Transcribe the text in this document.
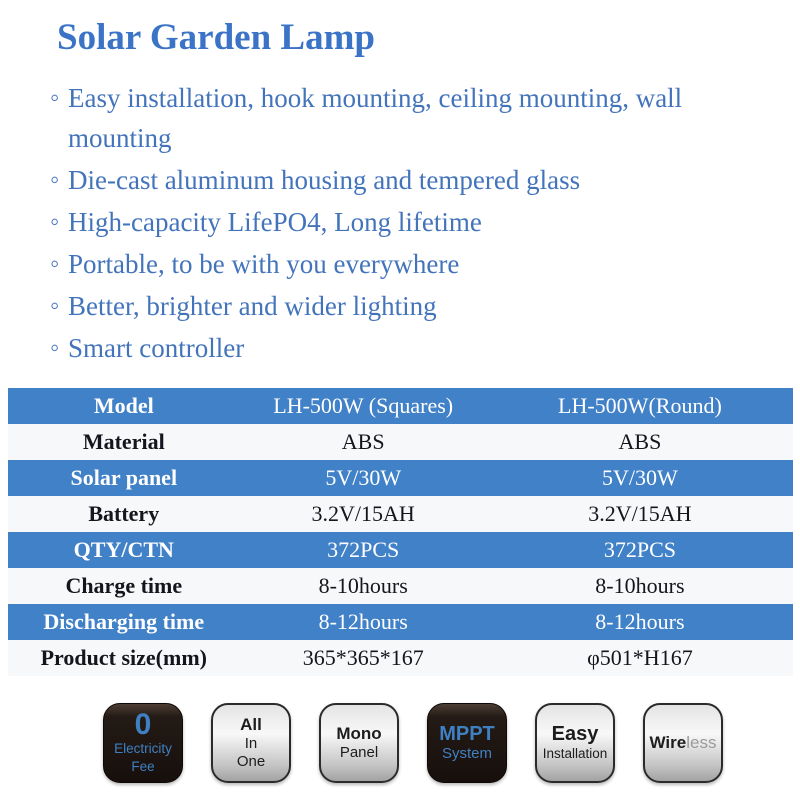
Solar Garden Lamp
◦ Easy installation, hook mounting, ceiling mounting, wall mounting
◦ Die-cast aluminum housing and tempered glass
◦ High-capacity LifePO4, Long lifetime
◦ Portable, to be with you everywhere
◦ Better, brighter and wider lighting
◦ Smart controller
Model	LH-500W (Squares)	LH-500W(Round)
Material	ABS	ABS
Solar panel	5V/30W	5V/30W
Battery	3.2V/15AH	3.2V/15AH
QTY/CTN	372PCS	372PCS
Charge time	8-10hours	8-10hours
Discharging time	8-12hours	8-12hours
Product size(mm)	365*365*167	φ501*H167
0
Electricity
Fee
All
In
One
Mono
Panel
MPPT
System
Easy
Installation
Wireless
